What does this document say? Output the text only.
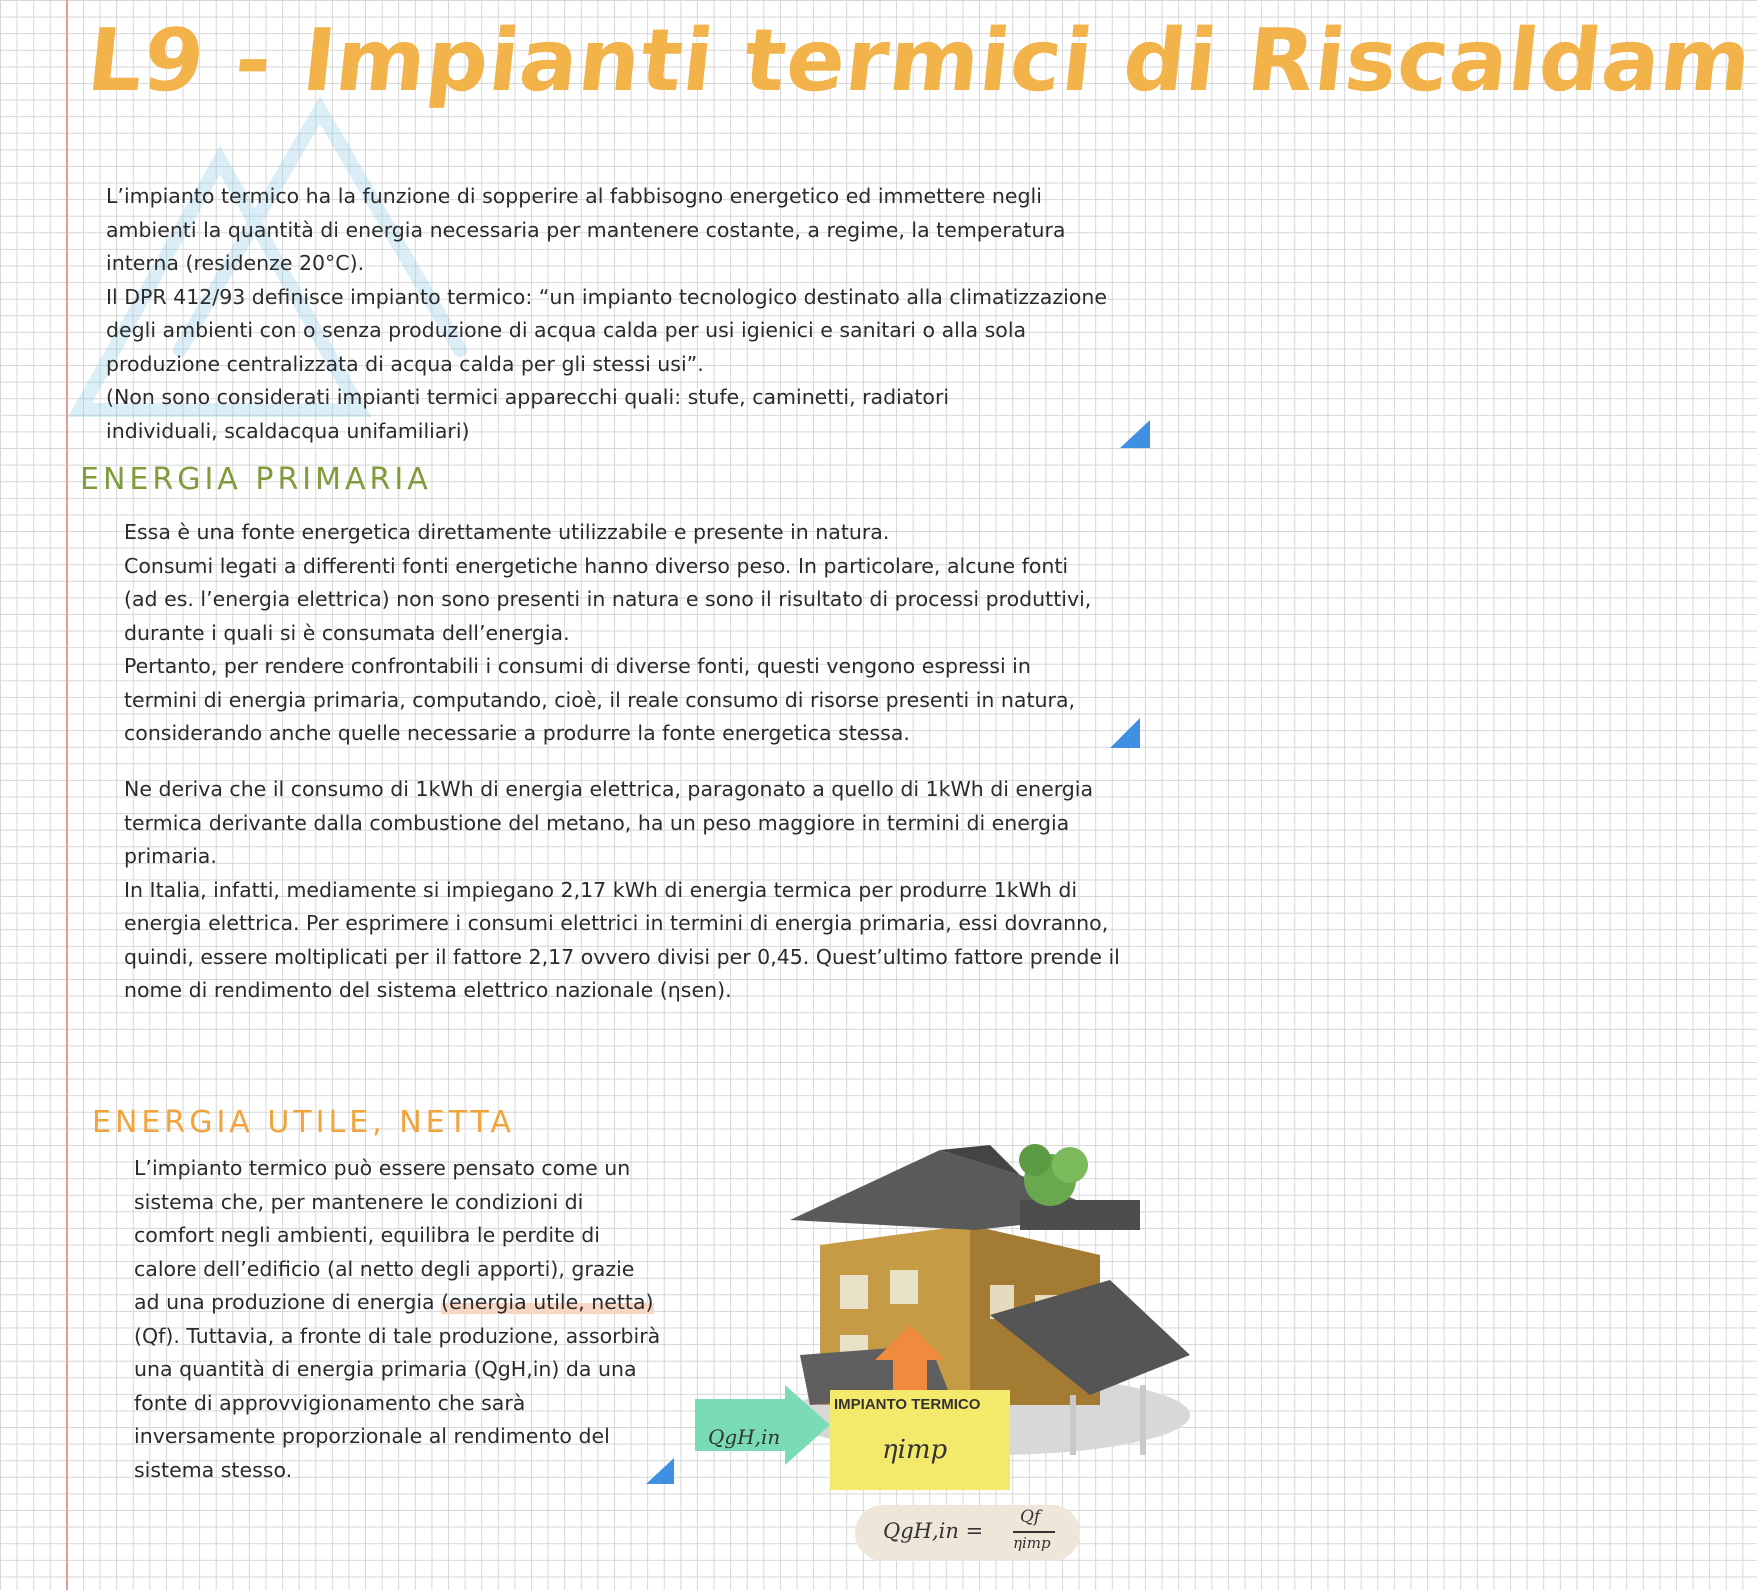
L9 - Impianti termici di Riscaldam

L’impianto termico ha la funzione di sopperire al fabbisogno energetico ed immettere negli ambienti la quantità di energia necessaria per mantenere costante, a regime, la temperatura interna (residenze 20°C).

Il DPR 412/93 definisce impianto termico: “un impianto tecnologico destinato alla climatizzazione degli ambienti con o senza produzione di acqua calda per usi igienici e sanitari o alla sola produzione centralizzata di acqua calda per gli stessi usi”.

(Non sono considerati impianti termici apparecchi quali: stufe, caminetti, radiatori individuali, scaldacqua unifamiliari)

ENERGIA PRIMARIA

Essa è una fonte energetica direttamente utilizzabile e presente in natura.

Consumi legati a differenti fonti energetiche hanno diverso peso. In particolare, alcune fonti (ad es. l’energia elettrica) non sono presenti in natura e sono il risultato di processi produttivi, durante i quali si è consumata dell’energia.

Pertanto, per rendere confrontabili i consumi di diverse fonti, questi vengono espressi in termini di energia primaria, computando, cioè, il reale consumo di risorse presenti in natura, considerando anche quelle necessarie a produrre la fonte energetica stessa.

Ne deriva che il consumo di 1kWh di energia elettrica, paragonato a quello di 1kWh di energia termica derivante dalla combustione del metano, ha un peso maggiore in termini di energia primaria.

In Italia, infatti, mediamente si impiegano 2,17 kWh di energia termica per produrre 1kWh di energia elettrica. Per esprimere i consumi elettrici in termini di energia primaria, essi dovranno, quindi, essere moltiplicati per il fattore 2,17 ovvero divisi per 0,45. Quest’ultimo fattore prende il nome di rendimento del sistema elettrico nazionale (ηsen).

ENERGIA UTILE, NETTA

L’impianto termico può essere pensato come un sistema che, per mantenere le condizioni di comfort negli ambienti, equilibra le perdite di calore dell’edificio (al netto degli apporti), grazie ad una produzione di energia (energia utile, netta) (Qf). Tuttavia, a fronte di tale produzione, assorbirà una quantità di energia primaria (QgH,in) da una fonte di approvvigionamento che sarà inversamente proporzionale al rendimento del sistema stesso.

QgH,in
IMPIANTO TERMICO
ηimp
QgH,in =
Qf
ηimp
